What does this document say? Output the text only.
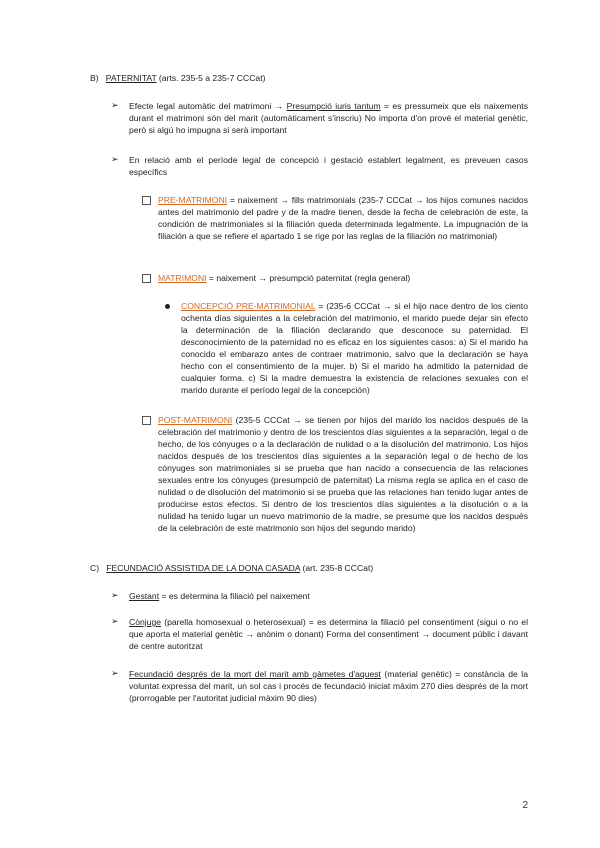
B) PATERNITAT (arts. 235-5 a 235-7 CCCat)
➢ Efecte legal automàtic del matrimoni → Presumpció iuris tantum = es pressumeix que els naixements durant el matrimoni són del marit (automàticament s'inscriu) No importa d'on prové el material genètic, però si algú ho impugna si serà important
➢ En relació amb el període legal de concepció i gestació establert legalment, es preveuen casos específics
PRE-MATRIMONI = naixement → fills matrimonials (235-7 CCCat → los hijos comunes nacidos antes del matrimonio del padre y de la madre tienen, desde la fecha de celebración de este, la condición de matrimoniales si la filiación queda determinada legalmente. La impugnación de la filiación a que se refiere el apartado 1 se rige por las reglas de la filiación no matrimonial)
MATRIMONI = naixement → presumpció paternitat (regla general)
CONCEPCIÓ PRE-MATRIMONIAL = (235-6 CCCat → si el hijo nace dentro de los ciento ochenta días siguientes a la celebración del matrimonio, el marido puede dejar sin efecto la determinación de la filiación declarando que desconoce su paternidad. El desconocimiento de la paternidad no es eficaz en los siguientes casos: a) Si el marido ha conocido el embarazo antes de contraer matrimonio, salvo que la declaración se haya hecho con el consentimiento de la mujer. b) Si el marido ha admitido la paternidad de cualquier forma. c) Si la madre demuestra la existencia de relaciones sexuales con el marido durante el período legal de la concepción)
POST-MATRIMONI (235-5 CCCat → se tienen por hijos del marido los nacidos después de la celebración del matrimonio y dentro de los trescientos días siguientes a la separación, legal o de hecho, de los cónyuges o a la declaración de nulidad o a la disolución del matrimonio. Los hijos nacidos después de los trescientos días siguientes a la separación legal o de hecho de los cónyuges son matrimoniales si se prueba que han nacido a consecuencia de las relaciones sexuales entre los cónyuges (presumpció de paternitat) La misma regla se aplica en el caso de nulidad o de disolución del matrimonio si se prueba que las relaciones han tenido lugar antes de producirse estos efectos. Si dentro de los trescientos días siguientes a la disolución o a la nulidad ha tenido lugar un nuevo matrimonio de la madre, se presume que los nacidos después de la celebración de este matrimonio son hijos del segundo marido)
C) FECUNDACIÓ ASSISTIDA DE LA DONA CASADA (art. 235-8 CCCat)
➢ Gestant = es determina la filiació pel naixement
➢ Cònjuge (parella homosexual o heterosexual) = es determina la filiació pel consentiment (sigui o no el que aporta el material genètic → anònim o donant) Forma del consentiment → document públic i davant de centre autoritzat
➢ Fecundació després de la mort del marit amb gàmetes d'aquest (material genètic) = constància de la voluntat expressa del marit, un sol cas i procés de fecundació iniciat màxim 270 dies després de la mort (prorrogable per l'autoritat judicial màxim 90 dies)
2
